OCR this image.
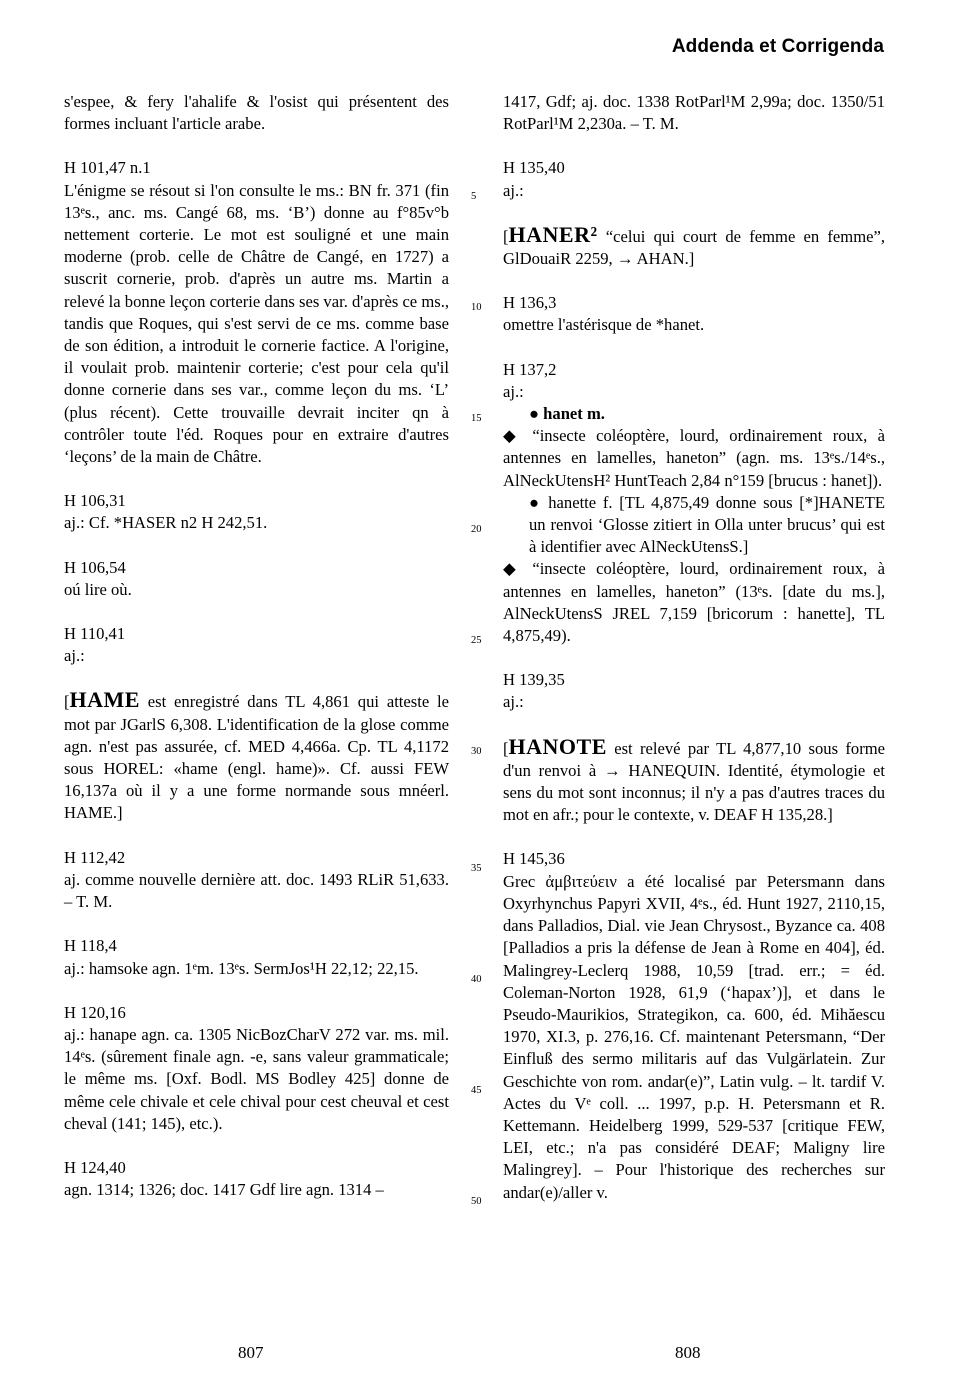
Addenda et Corrigenda

s'espee, & fery l'ahalife & l'osist qui présentent des formes incluant l'article arabe.

H 101,47 n.1

L'énigme se résout si l'on consulte le ms.: BN fr. 371 (fin 13ᵉs., anc. ms. Cangé 68, ms. ‘B’) donne au f°85v°b nettement corterie. Le mot est souligné et une main moderne (prob. celle de Châtre de Cangé, en 1727) a suscrit cornerie, prob. d'après un autre ms. Martin a relevé la bonne leçon corterie dans ses var. d'après ce ms., tandis que Roques, qui s'est servi de ce ms. comme base de son édition, a introduit le cornerie factice. A l'origine, il voulait prob. maintenir corterie; c'est pour cela qu'il donne cornerie dans ses var., comme leçon du ms. ‘L’ (plus récent). Cette trouvaille devrait inciter qn à contrôler toute l'éd. Roques pour en extraire d'autres ‘leçons’ de la main de Châtre.

H 106,31

aj.: Cf. *HASER n2 H 242,51.

H 106,54

oú lire où.

H 110,41

aj.:

[HAME est enregistré dans TL 4,861 qui atteste le mot par JGarlS 6,308. L'identification de la glose comme agn. n'est pas assurée, cf. MED 4,466a. Cp. TL 4,1172 sous HOREL: «hame (engl. hame)». Cf. aussi FEW 16,137a où il y a une forme normande sous mnéerl. HAME.]

H 112,42

aj. comme nouvelle dernière att. doc. 1493 RLiR 51,633. – T. M.

H 118,4

aj.: hamsoke agn. 1ᵉm. 13ᵉs. SermJos¹H 22,12; 22,15.

H 120,16

aj.: hanape agn. ca. 1305 NicBozCharV 272 var. ms. mil. 14ᵉs. (sûrement finale agn. -e, sans valeur grammaticale; le même ms. [Oxf. Bodl. MS Bodley 425] donne de même cele chivale et cele chival pour cest cheuval et cest cheval (141; 145), etc.).

H 124,40

agn. 1314; 1326; doc. 1417 Gdf lire agn. 1314 –

5
10
15
20
25
30
35
40
45
50

1417, Gdf; aj. doc. 1338 RotParl¹M 2,99a; doc. 1350/51 RotParl¹M 2,230a. – T. M.

H 135,40

aj.:

[HANER² “celui qui court de femme en femme”, GlDouaiR 2259, → AHAN.]

H 136,3

omettre l'astérisque de *hanet.

H 137,2

aj.:

● hanet m.

◆ “insecte coléoptère, lourd, ordinairement roux, à antennes en lamelles, haneton” (agn. ms. 13ᵉs./14ᵉs., AlNeckUtensH² HuntTeach 2,84 n°159 [brucus : hanet]).

● hanette f. [TL 4,875,49 donne sous [*]HANETE un renvoi ‘Glosse zitiert in Olla unter brucus’ qui est à identifier avec AlNeckUtensS.]

◆ “insecte coléoptère, lourd, ordinairement roux, à antennes en lamelles, haneton” (13ᵉs. [date du ms.], AlNeckUtensS JREL 7,159 [bricorum : hanette], TL 4,875,49).

H 139,35

aj.:

[HANOTE est relevé par TL 4,877,10 sous forme d'un renvoi à → HANEQUIN. Identité, étymologie et sens du mot sont inconnus; il n'y a pas d'autres traces du mot en afr.; pour le contexte, v. DEAF H 135,28.]

H 145,36

Grec ἀμβιτεύειν a été localisé par Petersmann dans Oxyrhynchus Papyri XVII, 4ᵉs., éd. Hunt 1927, 2110,15, dans Palladios, Dial. vie Jean Chrysost., Byzance ca. 408 [Palladios a pris la défense de Jean à Rome en 404], éd. Malingrey-Leclerq 1988, 10,59 [trad. err.; = éd. Coleman-Norton 1928, 61,9 (‘hapax’)], et dans le Pseudo-Maurikios, Strategikon, ca. 600, éd. Mihăescu 1970, XI.3, p. 276,16. Cf. maintenant Petersmann, “Der Einfluß des sermo militaris auf das Vulgärlatein. Zur Geschichte von rom. andar(e)”, Latin vulg. – lt. tardif V. Actes du Vᵉ coll. ... 1997, p.p. H. Petersmann et R. Kettemann. Heidelberg 1999, 529-537 [critique FEW, LEI, etc.; n'a pas considéré DEAF; Maligny lire Malingrey]. – Pour l'historique des recherches sur andar(e)/aller v.

807	808
